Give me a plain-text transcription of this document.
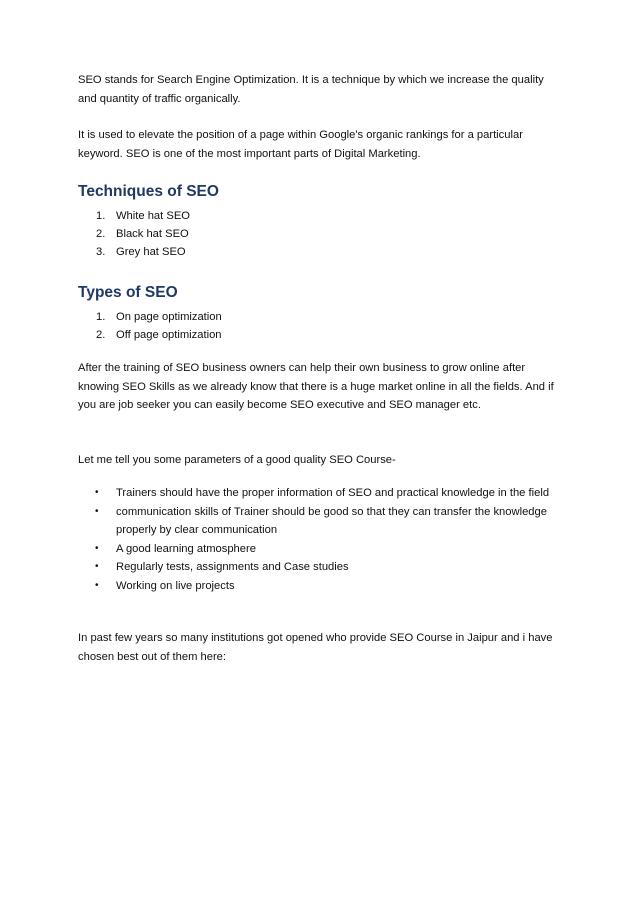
SEO stands for Search Engine Optimization. It is a technique by which we increase the quality and quantity of traffic organically.

It is used to elevate the position of a page within Google's organic rankings for a particular keyword. SEO is one of the most important parts of Digital Marketing.

Techniques of SEO
1. White hat SEO
2. Black hat SEO
3. Grey hat SEO
Types of SEO
1. On page optimization
2. Off page optimization

After the training of SEO business owners can help their own business to grow online after knowing SEO Skills as we already know that there is a huge market online in all the fields. And if you are job seeker you can easily become SEO executive and SEO manager etc.

Let me tell you some parameters of a good quality SEO Course-

• Trainers should have the proper information of SEO and practical knowledge in the field
• communication skills of Trainer should be good so that they can transfer the knowledge properly by clear communication
• A good learning atmosphere
• Regularly tests, assignments and Case studies
• Working on live projects

In past few years so many institutions got opened who provide SEO Course in Jaipur and i have chosen best out of them here:
